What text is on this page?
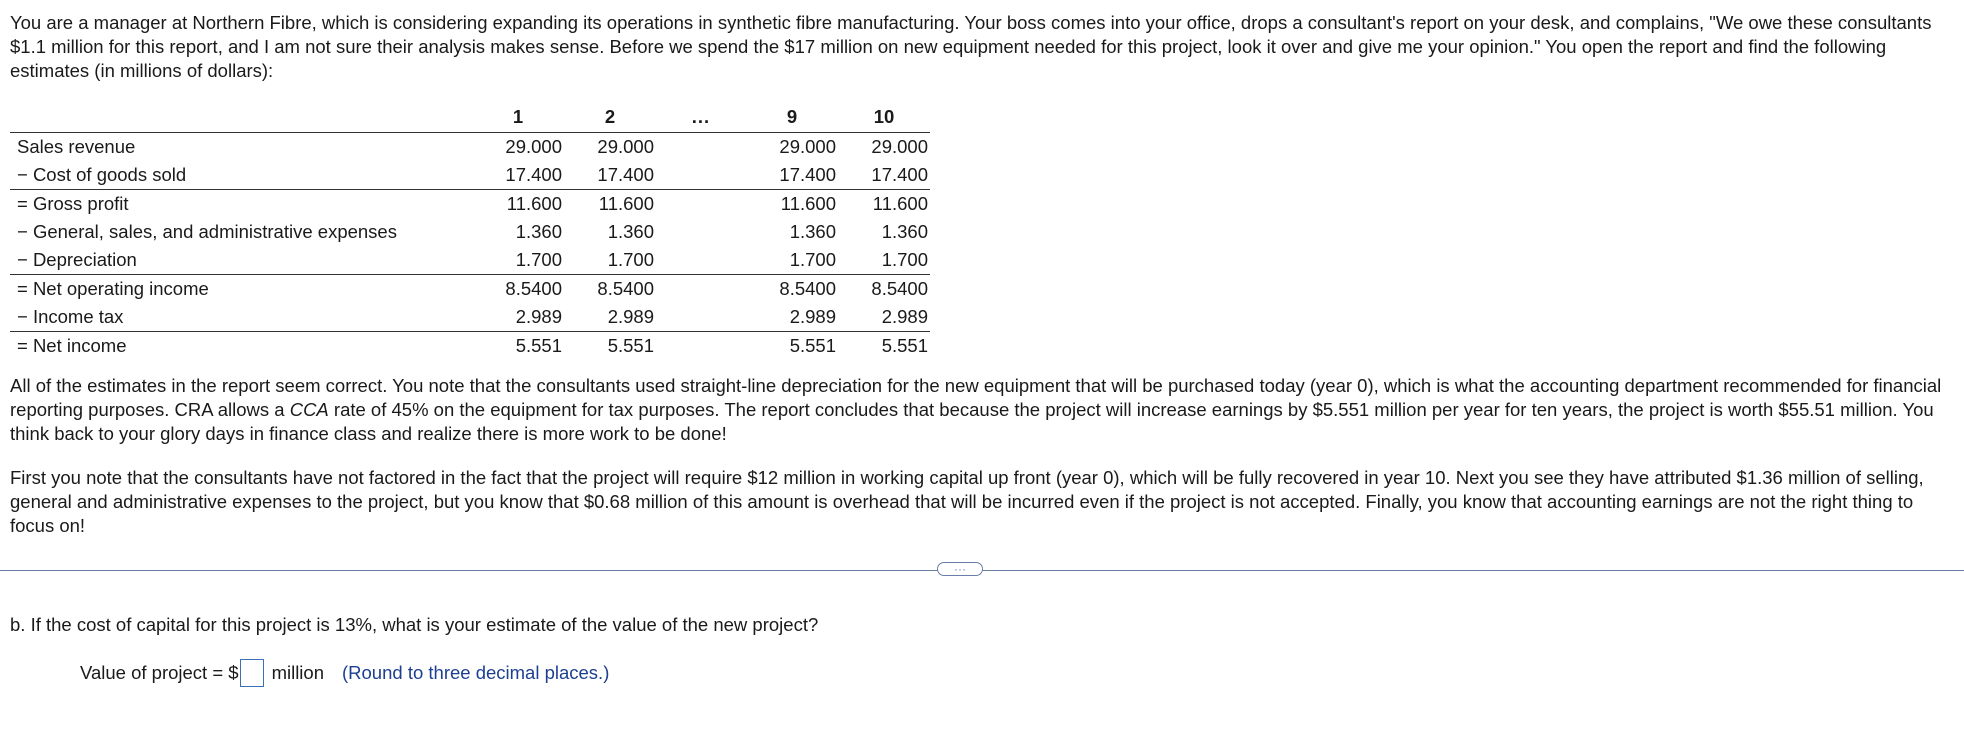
You are a manager at Northern Fibre, which is considering expanding its operations in synthetic fibre manufacturing. Your boss comes into your office, drops a consultant's report on your desk, and complains, "We owe these consultants $1.1 million for this report, and I am not sure their analysis makes sense. Before we spend the $17 million on new equipment needed for this project, look it over and give me your opinion." You open the report and find the following estimates (in millions of dollars):

	1	2	...	9	10
Sales revenue	29.000	29.000		29.000	29.000
− Cost of goods sold	17.400	17.400		17.400	17.400
= Gross profit	11.600	11.600		11.600	11.600
− General, sales, and administrative expenses	1.360	1.360		1.360	1.360
− Depreciation	1.700	1.700		1.700	1.700
= Net operating income	8.5400	8.5400		8.5400	8.5400
− Income tax	2.989	2.989		2.989	2.989
= Net income	5.551	5.551		5.551	5.551

All of the estimates in the report seem correct. You note that the consultants used straight-line depreciation for the new equipment that will be purchased today (year 0), which is what the accounting department recommended for financial reporting purposes. CRA allows a CCA rate of 45% on the equipment for tax purposes. The report concludes that because the project will increase earnings by $5.551 million per year for ten years, the project is worth $55.51 million. You think back to your glory days in finance class and realize there is more work to be done!

First you note that the consultants have not factored in the fact that the project will require $12 million in working capital up front (year 0), which will be fully recovered in year 10. Next you see they have attributed $1.36 million of selling, general and administrative expenses to the project, but you know that $0.68 million of this amount is overhead that will be incurred even if the project is not accepted. Finally, you know that accounting earnings are not the right thing to focus on!

···
b. If the cost of capital for this project is 13%, what is your estimate of the value of the new project?
Value of project = $ million (Round to three decimal places.)
